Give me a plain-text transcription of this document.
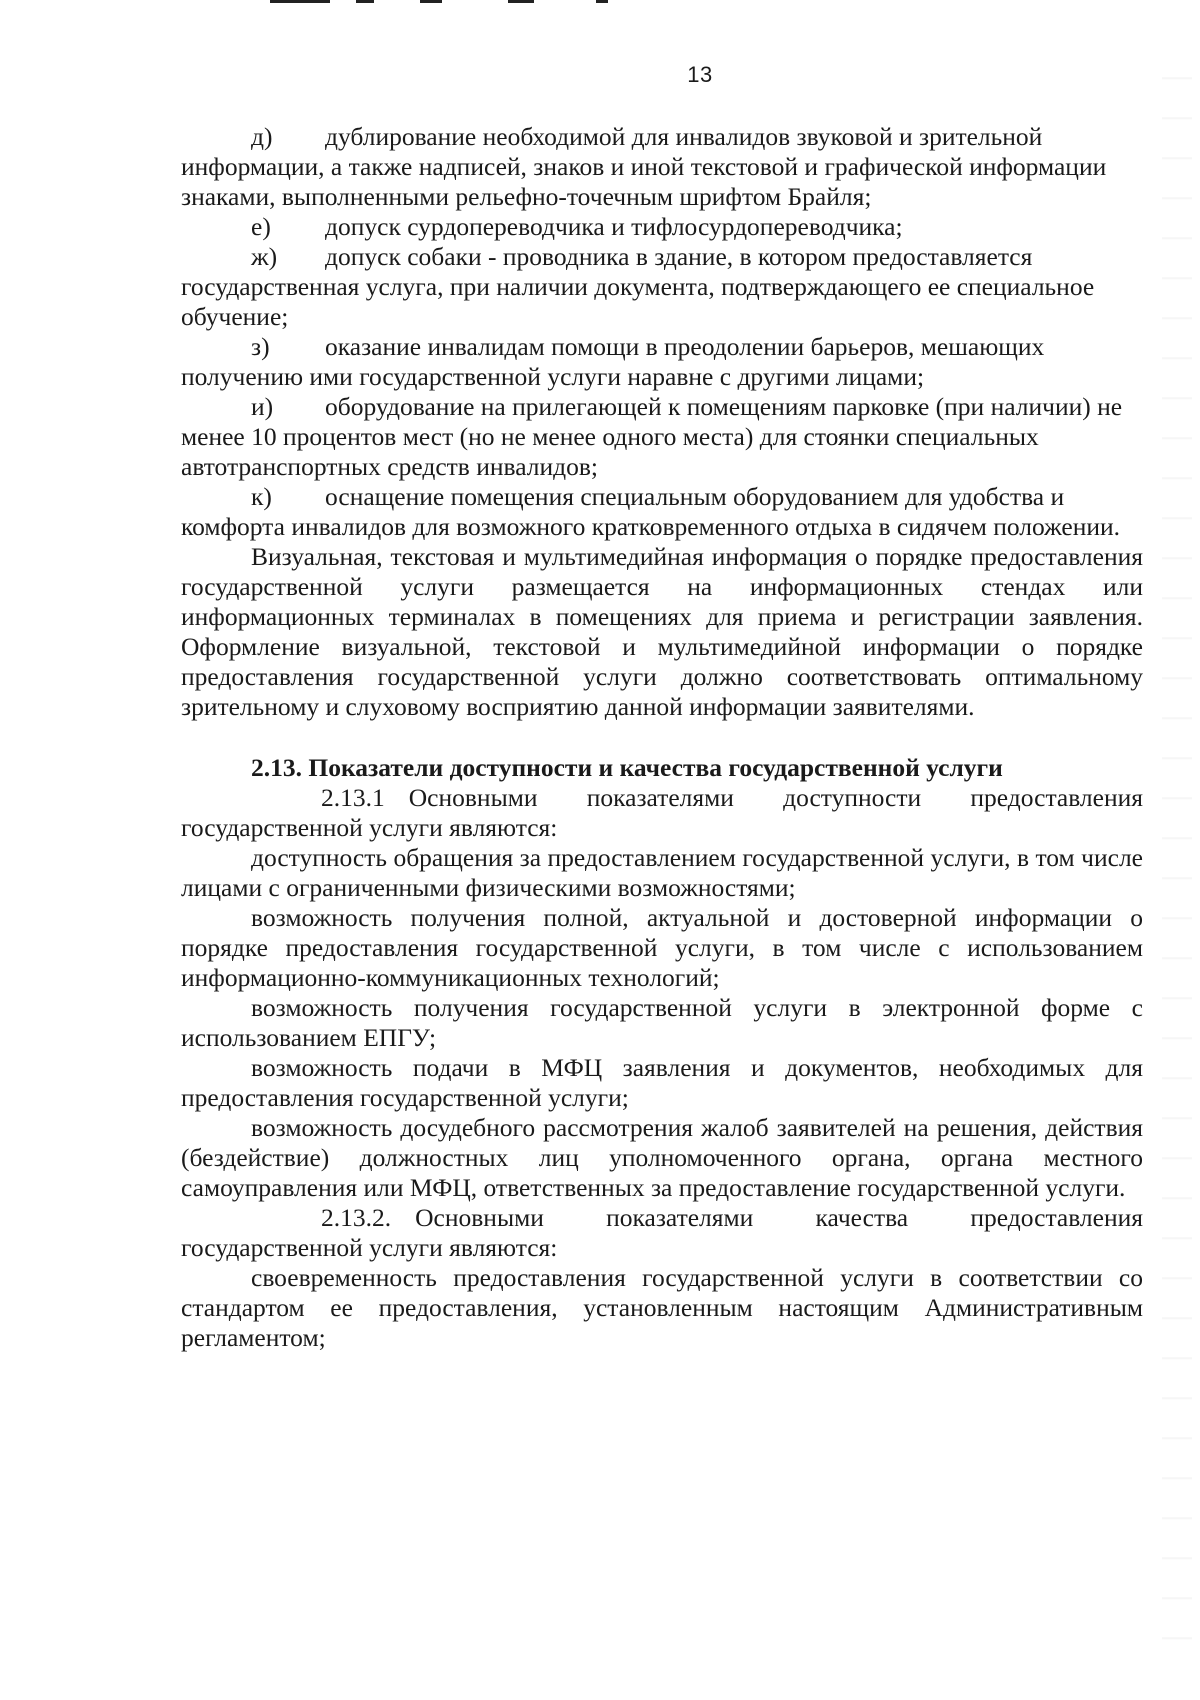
13

д) дублирование необходимой для инвалидов звуковой и зрительной информации, а также надписей, знаков и иной текстовой и графической информации знаками, выполненными рельефно-точечным шрифтом Брайля;

е) допуск сурдопереводчика и тифлосурдопереводчика;

ж) допуск собаки - проводника в здание, в котором предоставляется государственная услуга, при наличии документа, подтверждающего ее специальное обучение;

з) оказание инвалидам помощи в преодолении барьеров, мешающих получению ими государственной услуги наравне с другими лицами;

и) оборудование на прилегающей к помещениям парковке (при наличии) не менее 10 процентов мест (но не менее одного места) для стоянки специальных автотранспортных средств инвалидов;

к) оснащение помещения специальным оборудованием для удобства и комфорта инвалидов для возможного кратковременного отдыха в сидячем положении.

Визуальная, текстовая и мультимедийная информация о порядке предоставления государственной услуги размещается на информационных стендах или информационных терминалах в помещениях для приема и регистрации заявления. Оформление визуальной, текстовой и мультимедийной информации о порядке предоставления государственной услуги должно соответствовать оптимальному зрительному и слуховому восприятию данной информации заявителями.

2.13. Показатели доступности и качества государственной услуги

2.13.1 Основными показателями доступности предоставления государственной услуги являются:

доступность обращения за предоставлением государственной услуги, в том числе лицами с ограниченными физическими возможностями;

возможность получения полной, актуальной и достоверной информации о порядке предоставления государственной услуги, в том числе с использованием информационно-коммуникационных технологий;

возможность получения государственной услуги в электронной форме с использованием ЕПГУ;

возможность подачи в МФЦ заявления и документов, необходимых для предоставления государственной услуги;

возможность досудебного рассмотрения жалоб заявителей на решения, действия (бездействие) должностных лиц уполномоченного органа, органа местного самоуправления или МФЦ, ответственных за предоставление государственной услуги.

2.13.2. Основными показателями качества предоставления государственной услуги являются:

своевременность предоставления государственной услуги в соответствии со стандартом ее предоставления, установленным настоящим Административным регламентом;
